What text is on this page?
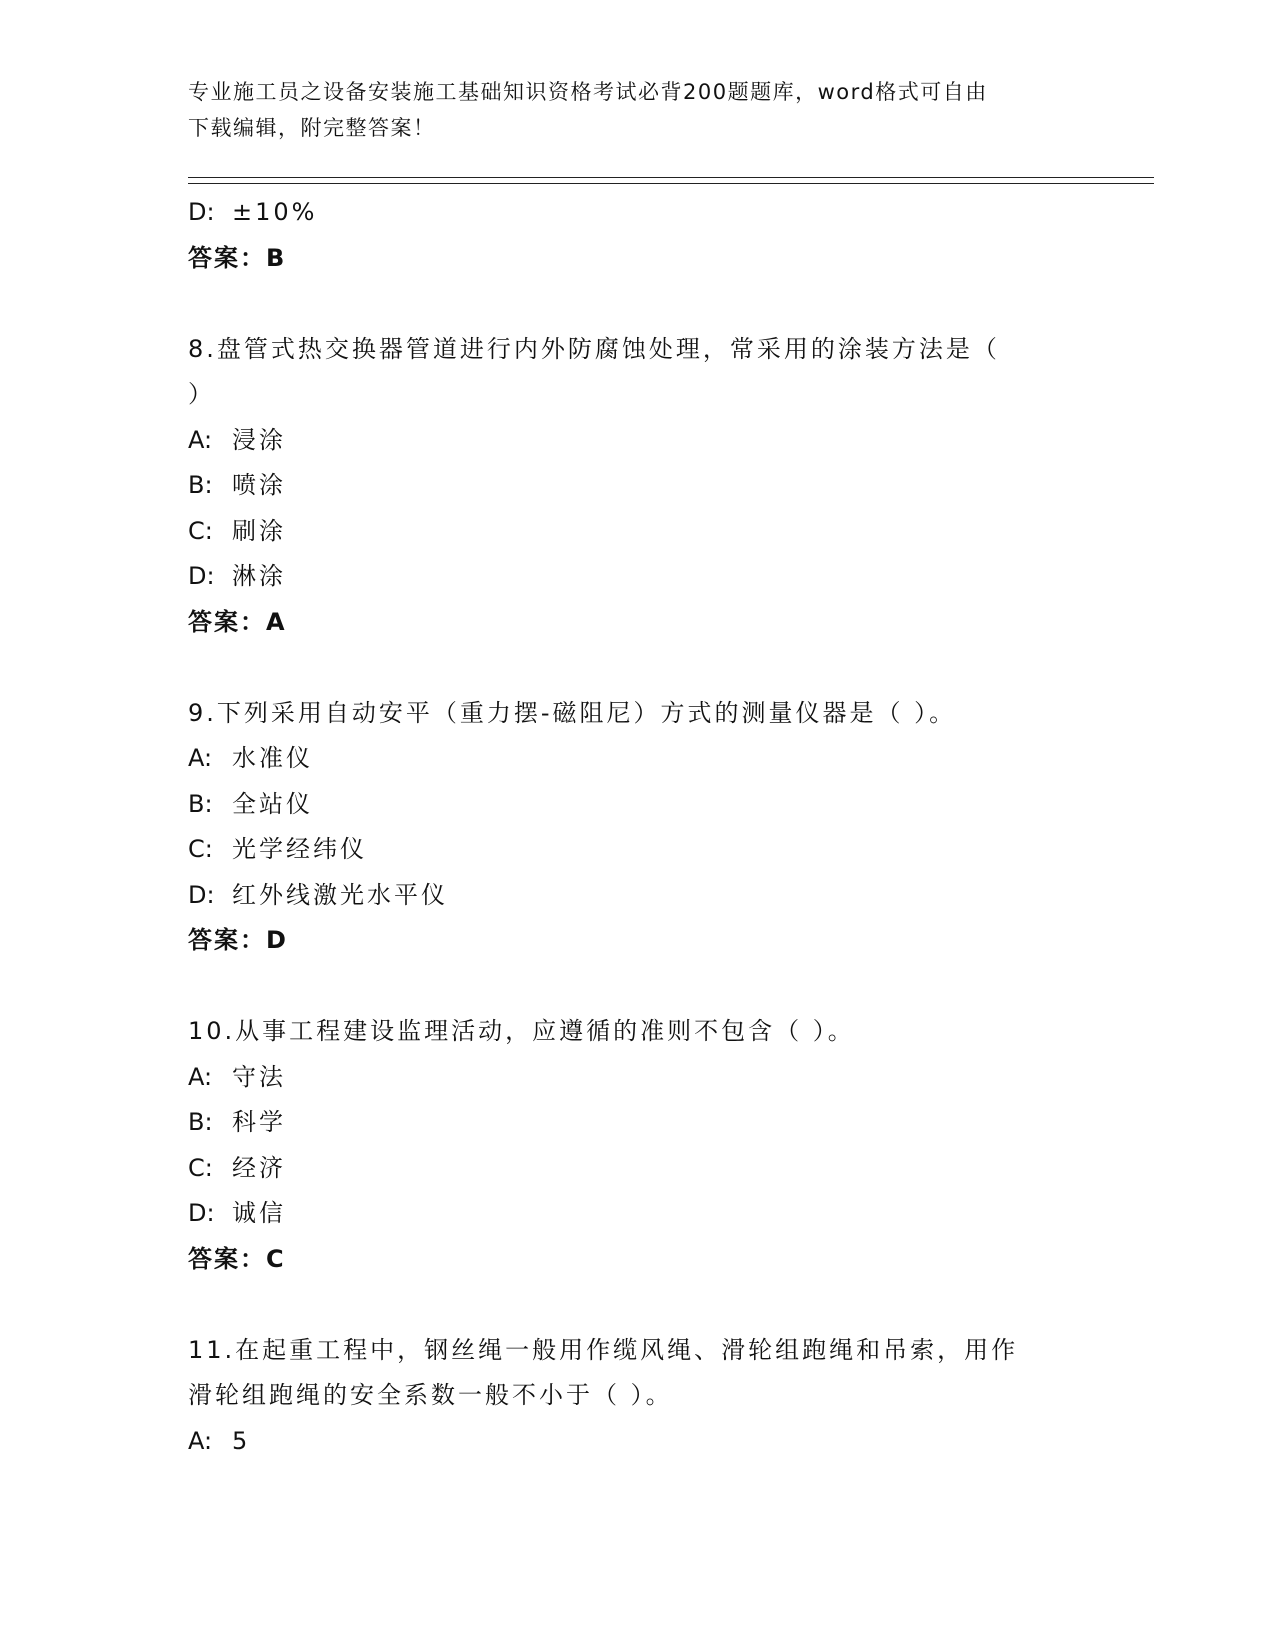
专业施工员之设备安装施工基础知识资格考试必背200题题库，word格式可自由
下载编辑，附完整答案！
D: ±10%
答案：B
8.盘管式热交换器管道进行内外防腐蚀处理，常采用的涂装方法是（
）
A: 浸涂
B: 喷涂
C: 刷涂
D: 淋涂
答案：A
9.下列采用自动安平（重力摆-磁阻尼）方式的测量仪器是（ ）。
A: 水准仪
B: 全站仪
C: 光学经纬仪
D: 红外线激光水平仪
答案：D
10.从事工程建设监理活动，应遵循的准则不包含（ ）。
A: 守法
B: 科学
C: 经济
D: 诚信
答案：C
11.在起重工程中，钢丝绳一般用作缆风绳、滑轮组跑绳和吊索，用作
滑轮组跑绳的安全系数一般不小于（ ）。
A: 5
